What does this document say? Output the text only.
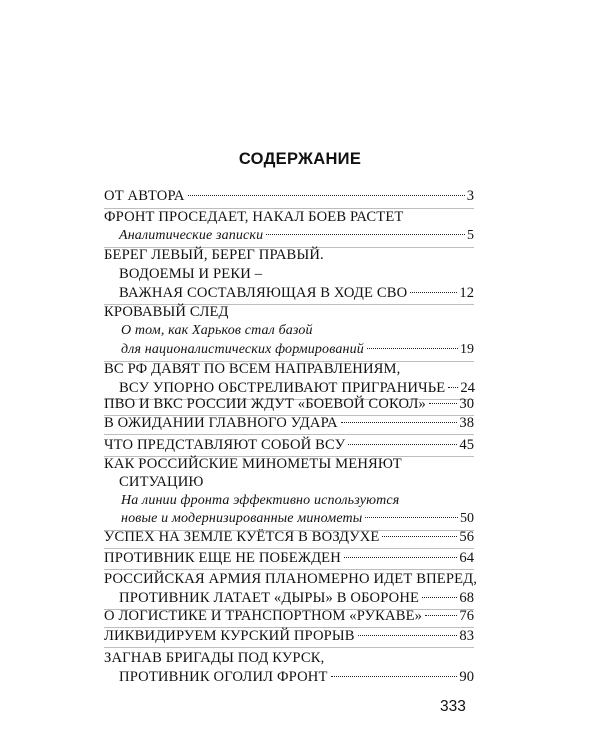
СОДЕРЖАНИЕ
ОТ АВТОРА	3
ФРОНТ ПРОСЕДАЕТ, НАКАЛ БОЕВ РАСТЕТ
Аналитические записки	5
БЕРЕГ ЛЕВЫЙ, БЕРЕГ ПРАВЫЙ.
ВОДОЕМЫ И РЕКИ –
ВАЖНАЯ СОСТАВЛЯЮЩАЯ В ХОДЕ СВО	12
КРОВАВЫЙ СЛЕД
О том, как Харьков стал базой
для националистических формирований	19
ВС РФ ДАВЯТ ПО ВСЕМ НАПРАВЛЕНИЯМ,
ВСУ УПОРНО ОБСТРЕЛИВАЮТ ПРИГРАНИЧЬЕ 24
ПВО И ВКС РОССИИ ЖДУТ «БОЕВОЙ СОКОЛ» 30
В ОЖИДАНИИ ГЛАВНОГО УДАРА	38
ЧТО ПРЕДСТАВЛЯЮТ СОБОЙ ВСУ	45
КАК РОССИЙСКИЕ МИНОМЕТЫ МЕНЯЮТ
СИТУАЦИЮ
На линии фронта эффективно используются
новые и модернизированные минометы	50
УСПЕХ НА ЗЕМЛЕ КУЁТСЯ В ВОЗДУХЕ	56
ПРОТИВНИК ЕЩЕ НЕ ПОБЕЖДЕН	64
РОССИЙСКАЯ АРМИЯ ПЛАНОМЕРНО ИДЕТ ВПЕРЕД,
ПРОТИВНИК ЛАТАЕТ «ДЫРЫ» В ОБОРОНЕ	68
О ЛОГИСТИКЕ И ТРАНСПОРТНОМ «РУКАВЕ»	76
ЛИКВИДИРУЕМ КУРСКИЙ ПРОРЫВ	83
ЗАГНАВ БРИГАДЫ ПОД КУРСК,
ПРОТИВНИК ОГОЛИЛ ФРОНТ	90
333
